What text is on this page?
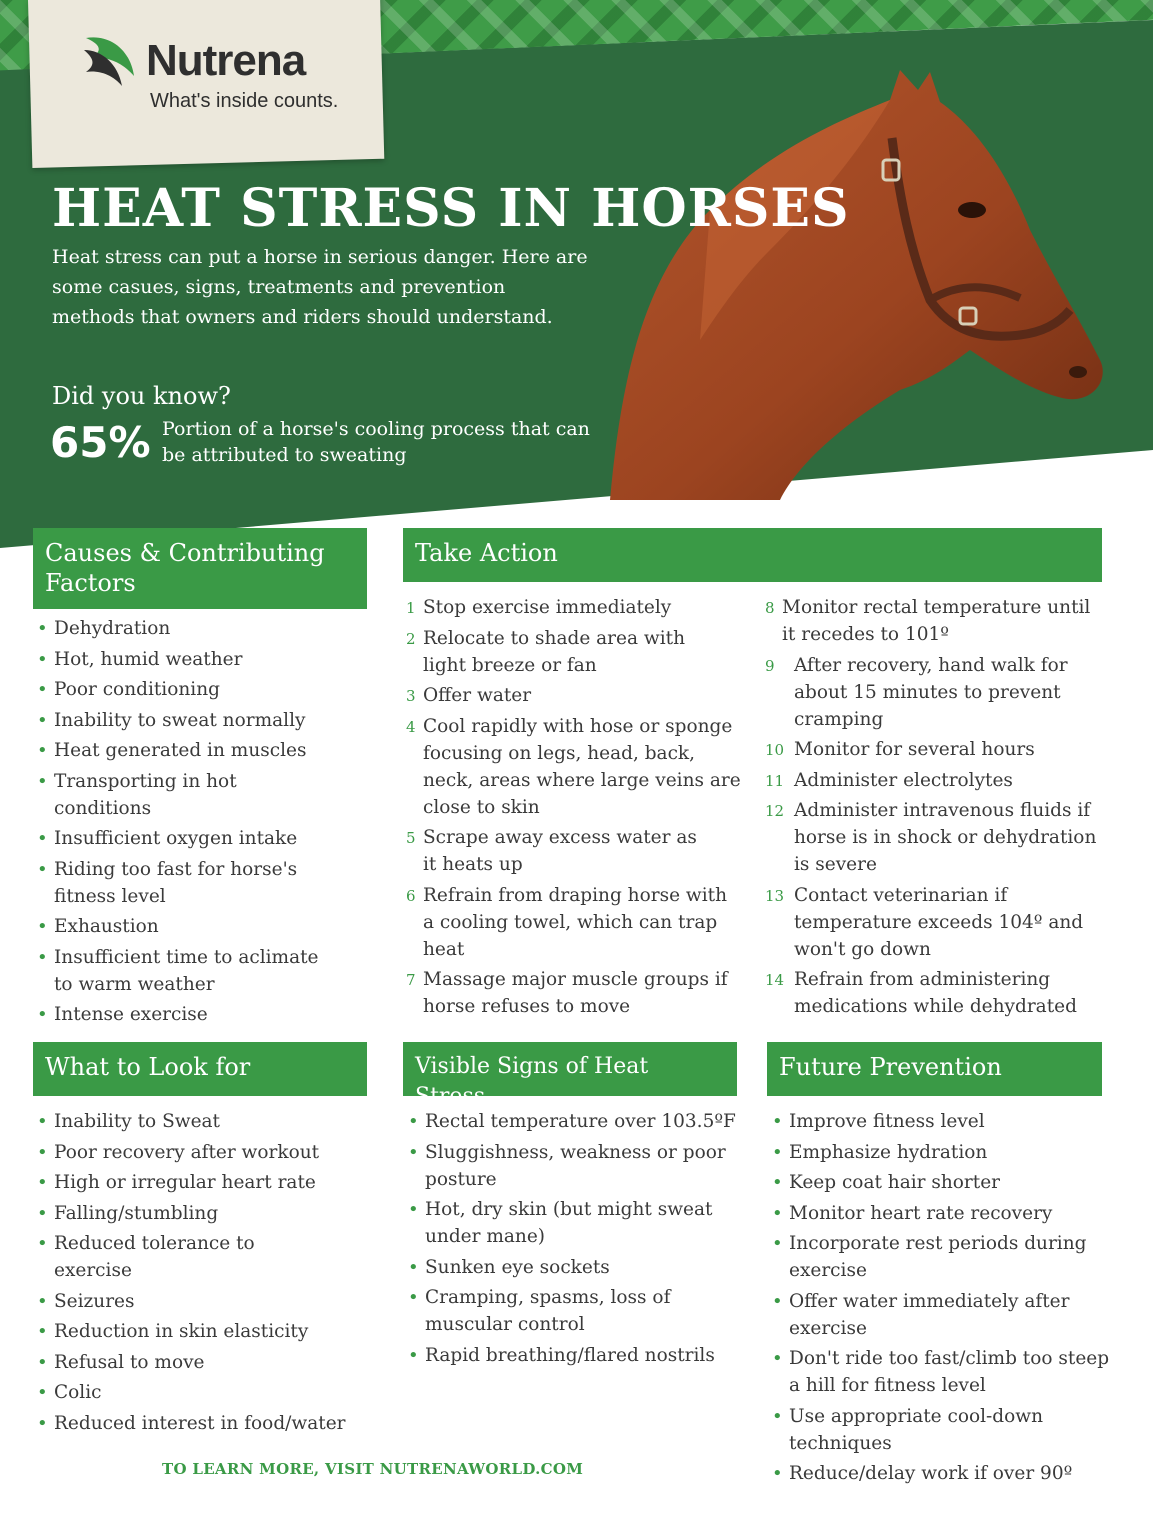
Nutrena
What's inside counts.
HEAT STRESS IN HORSES
Heat stress can put a horse in serious danger. Here are some casues, signs, treatments and prevention methods that owners and riders should understand.
Did you know?
65% Portion of a horse's cooling process that can be attributed to sweating
Causes & Contributing Factors
• Dehydration
• Hot, humid weather
• Poor conditioning
• Inability to sweat normally
• Heat generated in muscles
• Transporting in hot conditions
• Insufficient oxygen intake
• Riding too fast for horse's fitness level
• Exhaustion
• Insufficient time to aclimate to warm weather
• Intense exercise
Take Action
1 Stop exercise immediately
2 Relocate to shade area with light breeze or fan
3 Offer water
4 Cool rapidly with hose or sponge focusing on legs, head, back, neck, areas where large veins are close to skin
5 Scrape away excess water as it heats up
6 Refrain from draping horse with a cooling towel, which can trap heat
7 Massage major muscle groups if horse refuses to move
8 Monitor rectal temperature until it recedes to 101º
9 After recovery, hand walk for about 15 minutes to prevent cramping
10 Monitor for several hours
11 Administer electrolytes
12 Administer intravenous fluids if horse is in shock or dehydration is severe
13 Contact veterinarian if temperature exceeds 104º and won't go down
14 Refrain from administering medications while dehydrated
What to Look for
• Inability to Sweat
• Poor recovery after workout
• High or irregular heart rate
• Falling/stumbling
• Reduced tolerance to exercise
• Seizures
• Reduction in skin elasticity
• Refusal to move
• Colic
• Reduced interest in food/water
Visible Signs of Heat Stress
• Rectal temperature over 103.5ºF
• Sluggishness, weakness or poor posture
• Hot, dry skin (but might sweat under mane)
• Sunken eye sockets
• Cramping, spasms, loss of muscular control
• Rapid breathing/flared nostrils
Future Prevention
• Improve fitness level
• Emphasize hydration
• Keep coat hair shorter
• Monitor heart rate recovery
• Incorporate rest periods during exercise
• Offer water immediately after exercise
• Don't ride too fast/climb too steep a hill for fitness level
• Use appropriate cool-down techniques
• Reduce/delay work if over 90º
TO LEARN MORE, VISIT NUTRENAWORLD.COM
